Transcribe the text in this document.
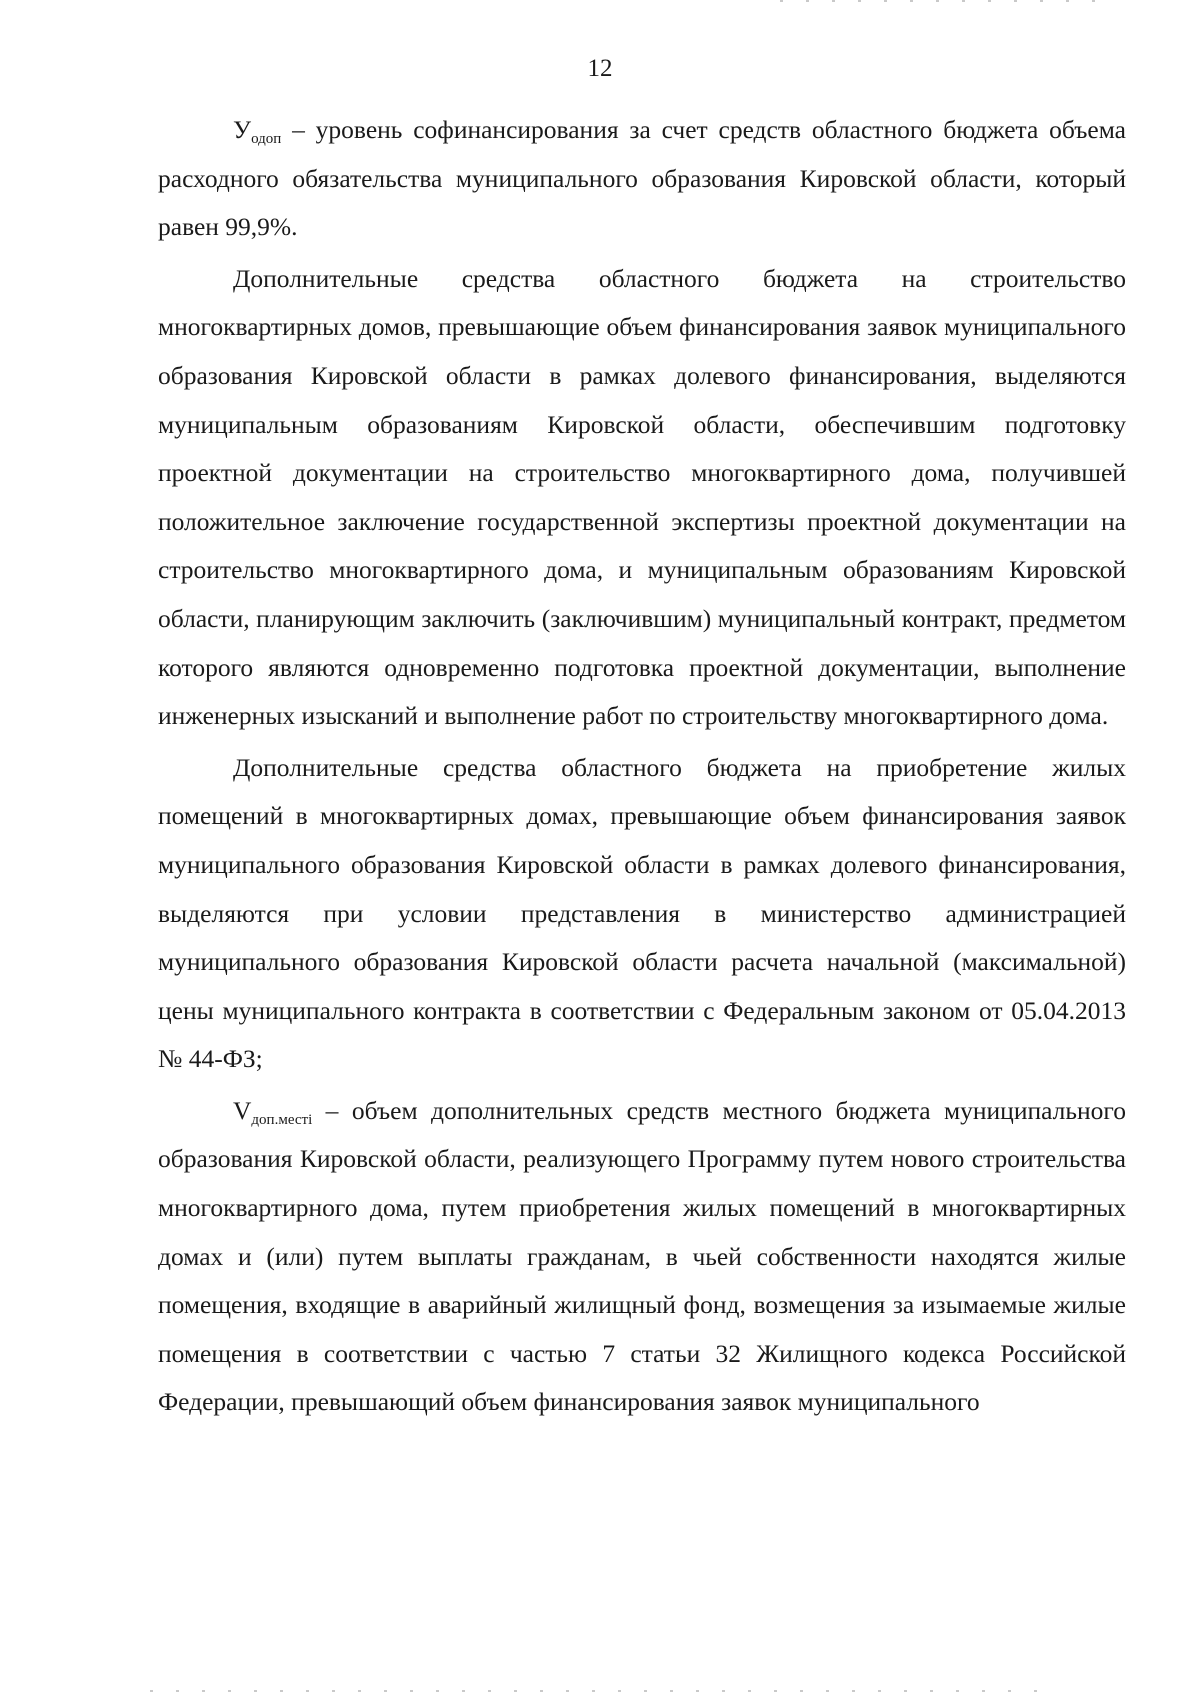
12

$У_{одоп}$ – уровень софинансирования за счет средств областного бюджета объема расходного обязательства муниципального образования Кировской области, который равен 99,9%.

Дополнительные средства областного бюджета на строительство многоквартирных домов, превышающие объем финансирования заявок муниципального образования Кировской области в рамках долевого финансирования, выделяются муниципальным образованиям Кировской области, обеспечившим подготовку проектной документации на строительство многоквартирного дома, получившей положительное заключение государственной экспертизы проектной документации на строительство многоквартирного дома, и муниципальным образованиям Кировской области, планирующим заключить (заключившим) муниципальный контракт, предметом которого являются одновременно подготовка проектной документации, выполнение инженерных изысканий и выполнение работ по строительству многоквартирного дома.

Дополнительные средства областного бюджета на приобретение жилых помещений в многоквартирных домах, превышающие объем финансирования заявок муниципального образования Кировской области в рамках долевого финансирования, выделяются при условии представления в министерство администрацией муниципального образования Кировской области расчета начальной (максимальной) цены муниципального контракта в соответствии с Федеральным законом от 05.04.2013 № 44-ФЗ;

$V_{доп.местi}$ – объем дополнительных средств местного бюджета муниципального образования Кировской области, реализующего Программу путем нового строительства многоквартирного дома, путем приобретения жилых помещений в многоквартирных домах и (или) путем выплаты гражданам, в чьей собственности находятся жилые помещения, входящие в аварийный жилищный фонд, возмещения за изымаемые жилые помещения в соответствии с частью 7 статьи 32 Жилищного кодекса Российской Федерации, превышающий объем финансирования заявок муниципального
